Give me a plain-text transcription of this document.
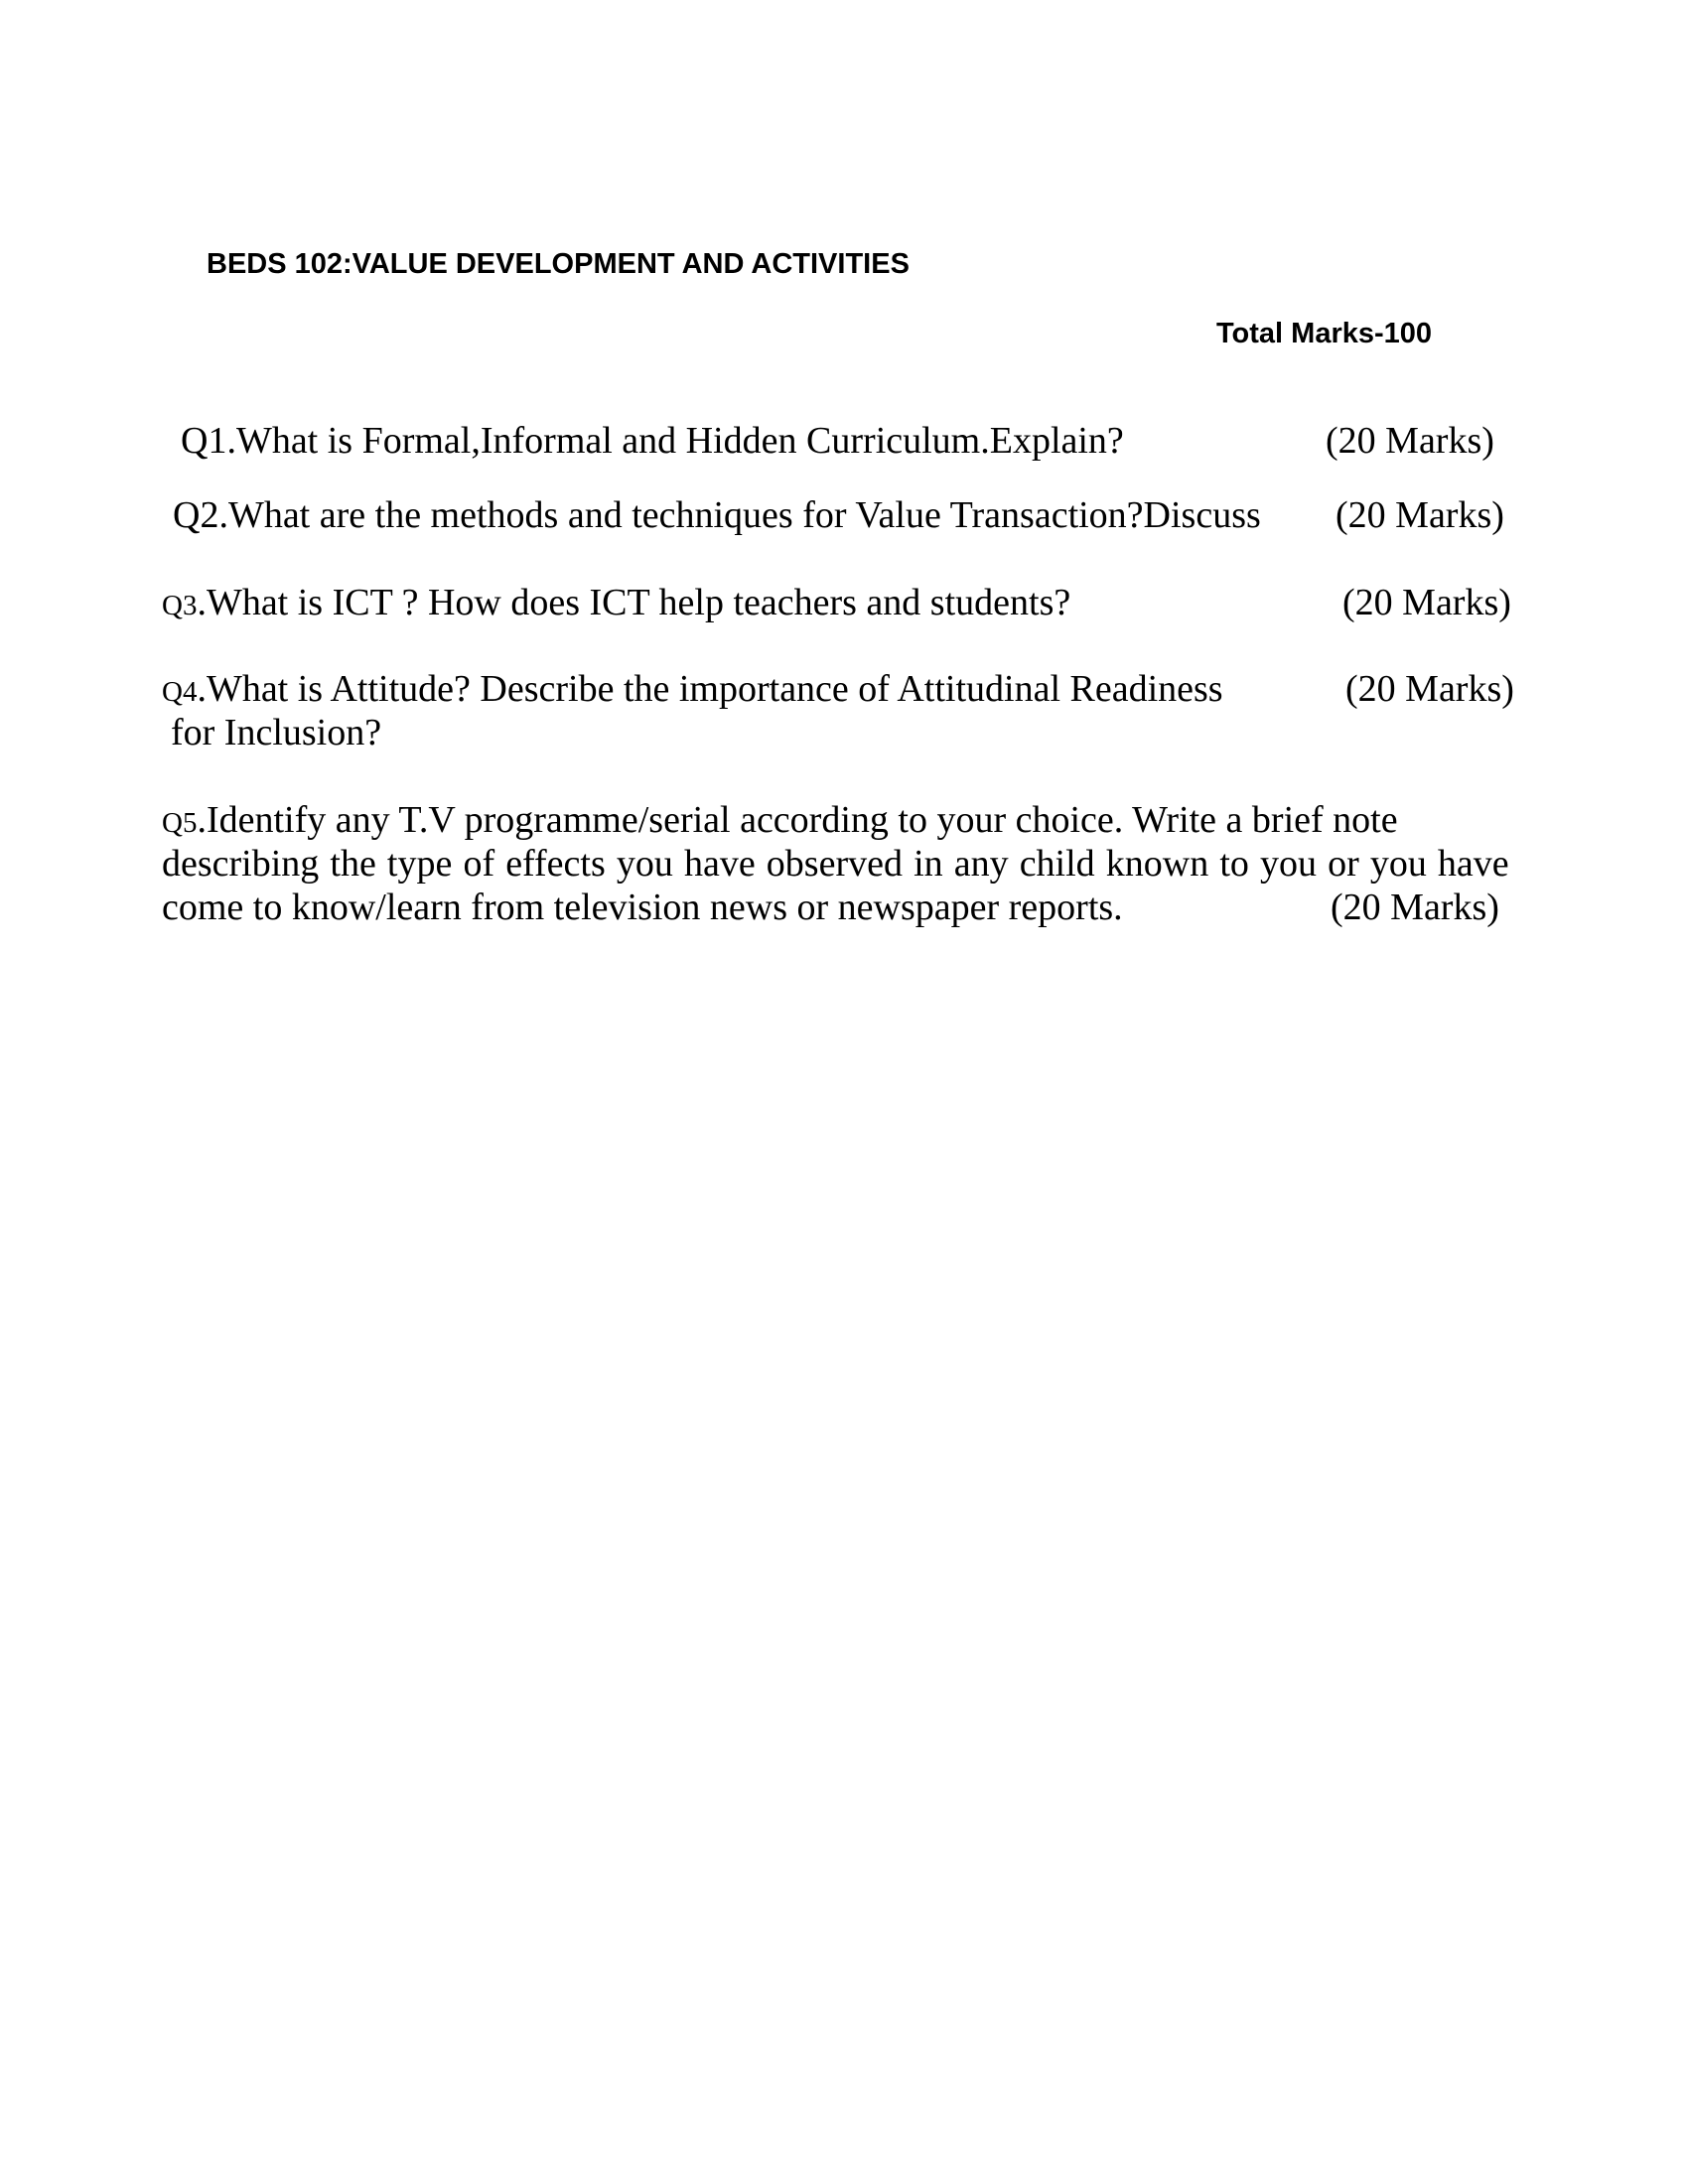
BEDS 102:VALUE DEVELOPMENT AND ACTIVITIES
Total Marks-100
Q1.What is Formal,Informal and Hidden Curriculum.Explain?	(20 Marks)
Q2.What are the methods and techniques for Value Transaction?Discuss (20 Marks)
Q3.What is ICT ? How does ICT help teachers and students?	(20 Marks)
Q4.What is Attitude? Describe the importance of Attitudinal Readiness	(20 Marks)
for Inclusion?
Q5.Identify any T.V programme/serial according to your choice. Write a brief note
describing the type of effects you have observed in any child known to you or you have
come to know/learn from television news or newspaper reports.	(20 Marks)
